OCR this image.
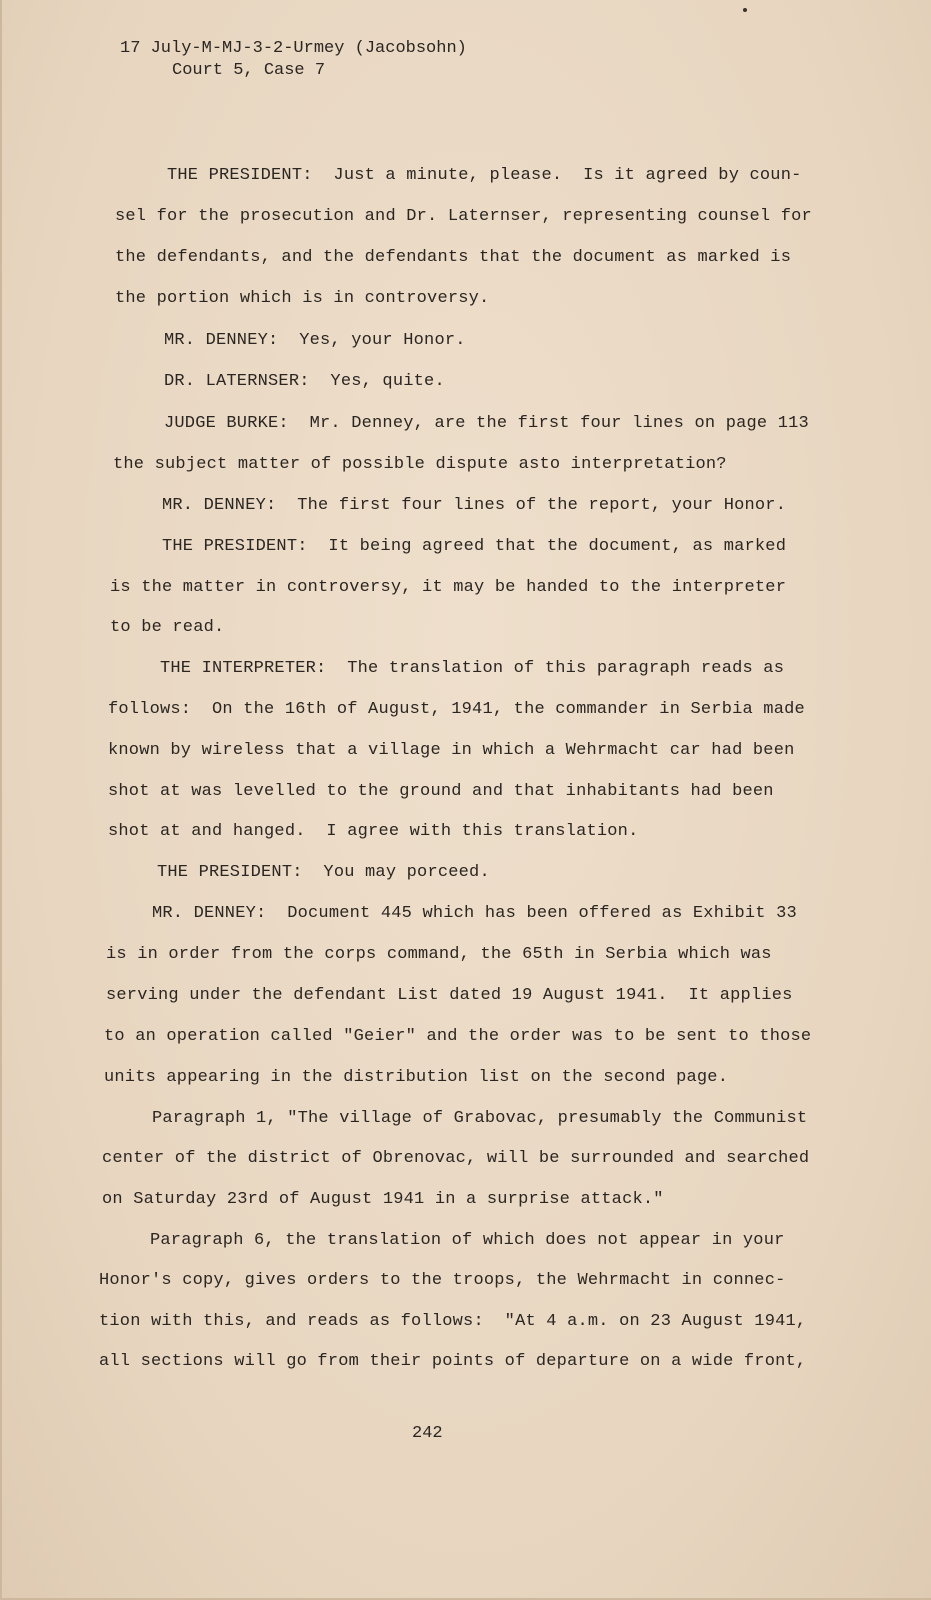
17 July-M-MJ-3-2-Urmey (Jacobsohn)
Court 5, Case 7
THE PRESIDENT:  Just a minute, please.  Is it agreed by coun-
sel for the prosecution and Dr. Laternser, representing counsel for
the defendants, and the defendants that the document as marked is
the portion which is in controversy.
MR. DENNEY:  Yes, your Honor.
DR. LATERNSER:  Yes, quite.
JUDGE BURKE:  Mr. Denney, are the first four lines on page 113
the subject matter of possible dispute asto interpretation?
MR. DENNEY:  The first four lines of the report, your Honor.
THE PRESIDENT:  It being agreed that the document, as marked
is the matter in controversy, it may be handed to the interpreter
to be read.
THE INTERPRETER:  The translation of this paragraph reads as
follows:  On the 16th of August, 1941, the commander in Serbia made
known by wireless that a village in which a Wehrmacht car had been
shot at was levelled to the ground and that inhabitants had been
shot at and hanged.  I agree with this translation.
THE PRESIDENT:  You may porceed.
MR. DENNEY:  Document 445 which has been offered as Exhibit 33
is in order from the corps command, the 65th in Serbia which was
serving under the defendant List dated 19 August 1941.  It applies
to an operation called "Geier" and the order was to be sent to those
units appearing in the distribution list on the second page.
Paragraph 1, "The village of Grabovac, presumably the Communist
center of the district of Obrenovac, will be surrounded and searched
on Saturday 23rd of August 1941 in a surprise attack."
Paragraph 6, the translation of which does not appear in your
Honor's copy, gives orders to the troops, the Wehrmacht in connec-
tion with this, and reads as follows:  "At 4 a.m. on 23 August 1941,
all sections will go from their points of departure on a wide front,
242
